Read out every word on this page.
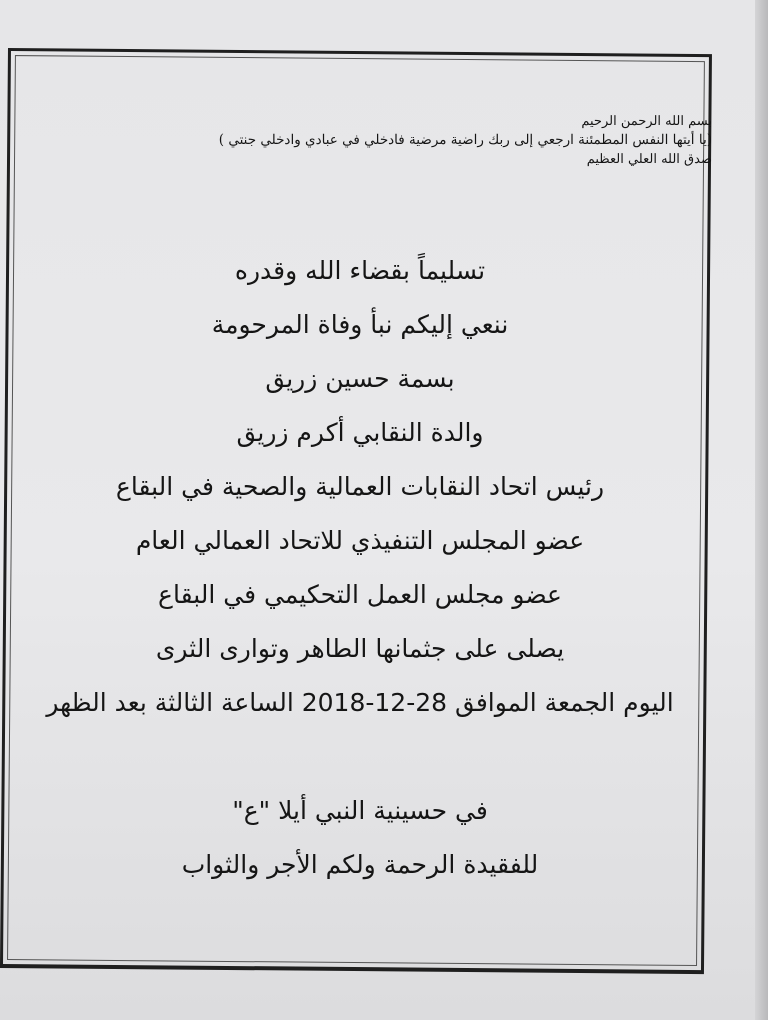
بسم الله الرحمن الرحيم
(يا أيتها النفس المطمئنة ارجعي إلى ربك راضية مرضية فادخلي في عبادي وادخلي جنتي )
صدق الله العلي العظيم
تسليماً بقضاء الله وقدره
ننعي إليكم نبأ وفاة المرحومة
بسمة حسين زريق
والدة النقابي أكرم زريق
رئيس اتحاد النقابات العمالية والصحية في البقاع
عضو المجلس التنفيذي للاتحاد العمالي العام
عضو مجلس العمل التحكيمي في البقاع
يصلى على جثمانها الطاهر وتوارى الثرى
اليوم الجمعة الموافق 28-12-2018 الساعة الثالثة بعد الظهر
في حسينية النبي أيلا "ع"
للفقيدة الرحمة ولكم الأجر والثواب
